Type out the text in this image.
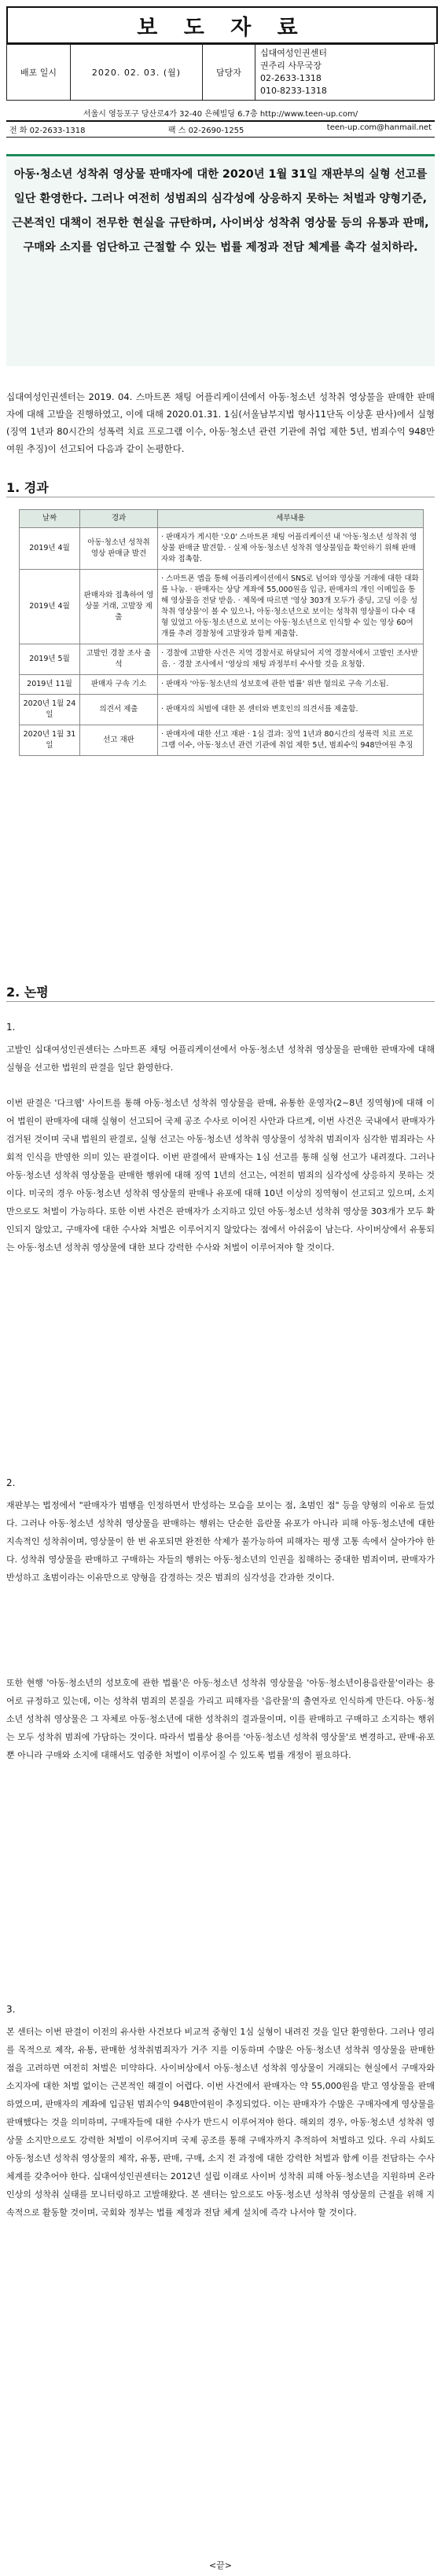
보 도 자 료
배포 일시	2020. 02. 03. (월)	담당자	
십대여성인권센터
권주리 사무국장
02-2633-1318
010-8233-1318
서울시 영등포구 당산로4가 32-40 은혜빌딩 6.7층 http://www.teen-up.com/
전 화 02-2633-1318	팩 스 02-2690-1255	teen-up.com@hanmail.net
아동·청소년 성착취 영상물 판매자에 대한 2020년 1월 31일 재판부의 실형 선고를 일단 환영한다. 그러나 여전히 성범죄의 심각성에 상응하지 못하는 처벌과 양형기준, 근본적인 대책이 전무한 현실을 규탄하며, 사이버상 성착취 영상물 등의 유통과 판매, 구매와 소지를 엄단하고 근절할 수 있는 법률 제정과 전담 체계를 촉각 설치하라.
십대여성인권센터는 2019. 04. 스마트폰 채팅 어플리케이션에서 아동·청소년 성착취 영상물을 판매한 판매자에 대해 고발을 진행하였고, 이에 대해 2020.01.31. 1심(서울남부지법 형사11단독 이상훈 판사)에서 실형(징역 1년과 80시간의 성폭력 치료 프로그램 이수, 아동·청소년 관련 기관에 취업 제한 5년, 범죄수익 948만여원 추징)이 선고되어 다음과 같이 논평한다.
1. 경과
날짜	경과	세부내용
2019년 4월	아동·청소년 성착취 영상 판매글 발견	· 판매자가 게시한 '오0' 스마트폰 채팅 어플리케이션 내 '아동·청소년 성착취 영상물 판매글 발견함. · 실제 아동·청소년 성착취 영상물임을 확인하기 위해 판매자와 접촉함.
2019년 4월	판매자와 접촉하여 영상물 거래, 고발장 제출	· 스마트폰 앱을 통해 어플리케이션에서 SNS로 넘어와 영상물 거래에 대한 대화를 나눔. · 판매자는 상당 계좌에 55,000원을 입금, 판매자의 개인 이메일을 통해 영상물을 전달 받음. · 제목에 따르면 '영상 303개 모두가 중딩, 고딩 이응 성착취 영상물'이 볼 수 있으나, 아동·청소년으로 보이는 성착취 영상물이 다수 대형 있었고 아동·청소년으로 보이는 아동·청소년으로 인식할 수 있는 영상 60여 개를 추려 경찰청에 고발장과 함께 제출함.
2019년 5월	고발인 경찰 조사 출석	· 경찰에 고발한 사건은 지역 경찰서로 하달되어 지역 경찰서에서 고발인 조사받음. · 경찰 조사에서 '영상의 채팅 과정부터 수사할 것을 요청함.
2019년 11월	판매자 구속 기소	· 판매자 '아동·청소년의 성보호에 관한 법률' 위반 혐의로 구속 기소됨.
2020년 1월 24일	의견서 제출	· 판매자의 처벌에 대한 본 센터와 변호인의 의견서를 제출함.
2020년 1월 31일	선고 재판	· 판매자에 대한 선고 재판 · 1심 결과: 징역 1년과 80시간의 성폭력 치료 프로그램 이수, 아동·청소년 관련 기관에 취업 제한 5년, 범죄수익 948만여원 추징
2. 논평
1.
고발인 십대여성인권센터는 스마트폰 채팅 어플리케이션에서 아동·청소년 성착취 영상물을 판매한 판매자에 대해 실형을 선고한 법원의 판결을 일단 환영한다.
이번 판결은 '다크웹' 사이트를 통해 아동·청소년 성착취 영상물을 판매, 유통한 운영자(2~8년 징역형)에 대해 이어 법원이 판매자에 대해 실형이 선고되어 국제 공조 수사로 이어진 사안과 다르게, 이번 사건은 국내에서 판매자가 검거된 것이며 국내 법원의 판결로, 실형 선고는 아동·청소년 성착취 영상물이 성착취 범죄이자 심각한 범죄라는 사회적 인식을 반영한 의미 있는 판결이다. 이번 판결에서 판매자는 1심 선고를 통해 실형 선고가 내려졌다. 그러나 아동·청소년 성착취 영상물을 판매한 행위에 대해 징역 1년의 선고는, 여전히 범죄의 심각성에 상응하지 못하는 것이다. 미국의 경우 아동·청소년 성착취 영상물의 판매나 유포에 대해 10년 이상의 징역형이 선고되고 있으며, 소지만으로도 처벌이 가능하다. 또한 이번 사건은 판매자가 소지하고 있던 아동·청소년 성착취 영상물 303개가 모두 확인되지 않았고, 구매자에 대한 수사와 처벌은 이루어지지 않았다는 점에서 아쉬움이 남는다. 사이버상에서 유통되는 아동·청소년 성착취 영상물에 대한 보다 강력한 수사와 처벌이 이루어져야 할 것이다.
2.
재판부는 법정에서 "판매자가 범행을 인정하면서 반성하는 모습을 보이는 점, 초범인 점" 등을 양형의 이유로 들었다. 그러나 아동·청소년 성착취 영상물을 판매하는 행위는 단순한 음란물 유포가 아니라 피해 아동·청소년에 대한 지속적인 성착취이며, 영상물이 한 번 유포되면 완전한 삭제가 불가능하여 피해자는 평생 고통 속에서 살아가야 한다. 성착취 영상물을 판매하고 구매하는 자들의 행위는 아동·청소년의 인권을 침해하는 중대한 범죄이며, 판매자가 반성하고 초범이라는 이유만으로 양형을 감경하는 것은 범죄의 심각성을 간과한 것이다.
또한 현행 '아동·청소년의 성보호에 관한 법률'은 아동·청소년 성착취 영상물을 '아동·청소년이용음란물'이라는 용어로 규정하고 있는데, 이는 성착취 범죄의 본질을 가리고 피해자를 '음란물'의 출연자로 인식하게 만든다. 아동·청소년 성착취 영상물은 그 자체로 아동·청소년에 대한 성착취의 결과물이며, 이를 판매하고 구매하고 소지하는 행위는 모두 성착취 범죄에 가담하는 것이다. 따라서 법률상 용어를 '아동·청소년 성착취 영상물'로 변경하고, 판매·유포뿐 아니라 구매와 소지에 대해서도 엄중한 처벌이 이루어질 수 있도록 법률 개정이 필요하다.
3.
본 센터는 이번 판결이 이전의 유사한 사건보다 비교적 중형인 1심 실형이 내려진 것을 일단 환영한다. 그러나 영리를 목적으로 제작, 유통, 판매한 성착취범죄자가 거주 지를 이동하며 수많은 아동·청소년 성착취 영상물을 판매한 점을 고려하면 여전히 처벌은 미약하다. 사이버상에서 아동·청소년 성착취 영상물이 거래되는 현실에서 구매자와 소지자에 대한 처벌 없이는 근본적인 해결이 어렵다. 이번 사건에서 판매자는 약 55,000원을 받고 영상물을 판매하였으며, 판매자의 계좌에 입금된 범죄수익 948만여원이 추징되었다. 이는 판매자가 수많은 구매자에게 영상물을 판매했다는 것을 의미하며, 구매자들에 대한 수사가 반드시 이루어져야 한다. 해외의 경우, 아동·청소년 성착취 영상물 소지만으로도 강력한 처벌이 이루어지며 국제 공조를 통해 구매자까지 추적하여 처벌하고 있다. 우리 사회도 아동·청소년 성착취 영상물의 제작, 유통, 판매, 구매, 소지 전 과정에 대한 강력한 처벌과 함께 이를 전담하는 수사 체계를 갖추어야 한다. 십대여성인권센터는 2012년 설립 이래로 사이버 성착취 피해 아동·청소년을 지원하며 온라인상의 성착취 실태를 모니터링하고 고발해왔다. 본 센터는 앞으로도 아동·청소년 성착취 영상물의 근절을 위해 지속적으로 활동할 것이며, 국회와 정부는 법률 제정과 전담 체계 설치에 즉각 나서야 할 것이다.
<끝>
